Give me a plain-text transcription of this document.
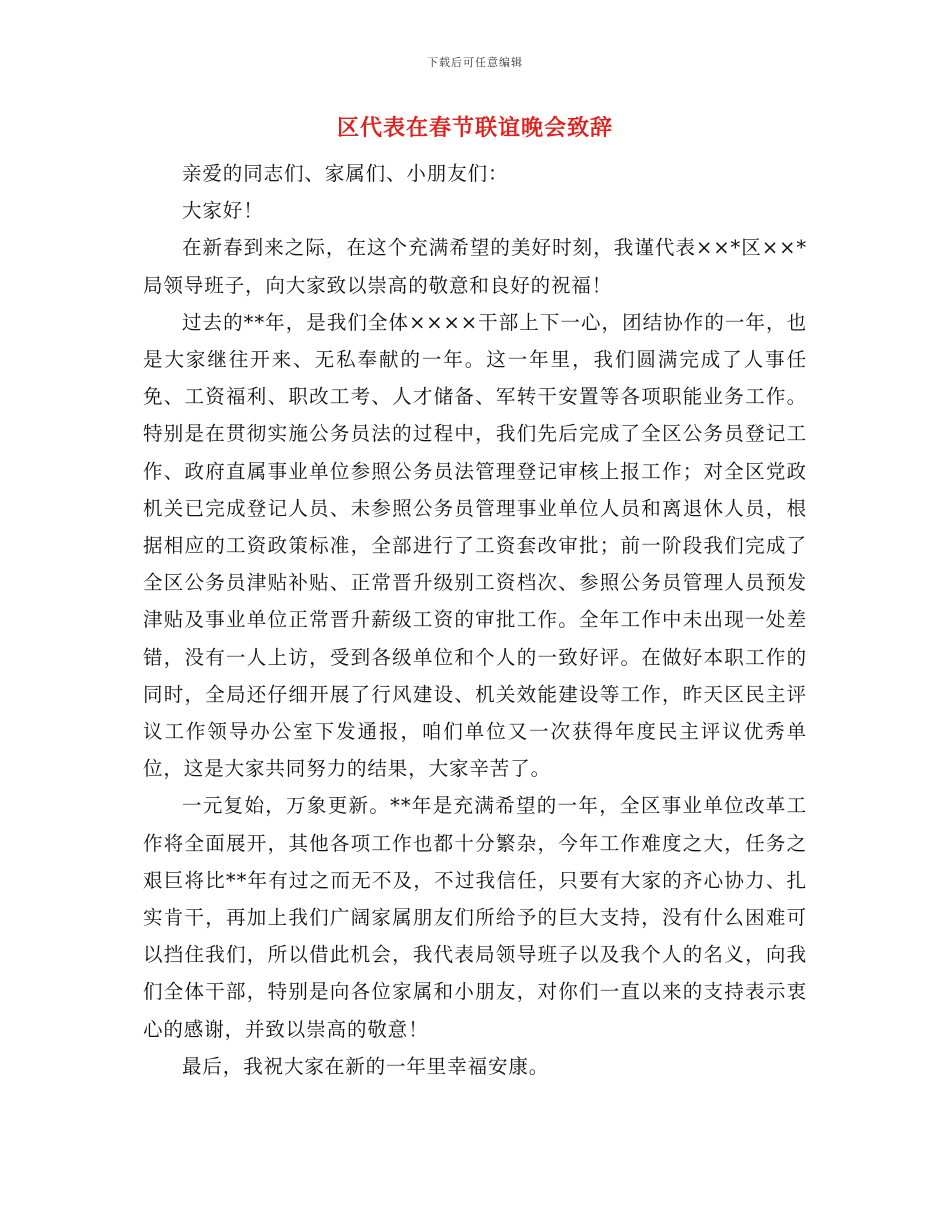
下载后可任意编辑
区代表在春节联谊晚会致辞

亲爱的同志们、家属们、小朋友们：

大家好！

在新春到来之际，在这个充满希望的美好时刻，我谨代表××*区××*局领导班子，向大家致以崇高的敬意和良好的祝福！

过去的**年，是我们全体××××干部上下一心，团结协作的一年，也是大家继往开来、无私奉献的一年。这一年里，我们圆满完成了人事任免、工资福利、职改工考、人才储备、军转干安置等各项职能业务工作。特别是在贯彻实施公务员法的过程中，我们先后完成了全区公务员登记工作、政府直属事业单位参照公务员法管理登记审核上报工作；对全区党政机关已完成登记人员、未参照公务员管理事业单位人员和离退休人员，根据相应的工资政策标准，全部进行了工资套改审批；前一阶段我们完成了全区公务员津贴补贴、正常晋升级别工资档次、参照公务员管理人员预发津贴及事业单位正常晋升薪级工资的审批工作。全年工作中未出现一处差错，没有一人上访，受到各级单位和个人的一致好评。在做好本职工作的同时，全局还仔细开展了行风建设、机关效能建设等工作，昨天区民主评议工作领导办公室下发通报，咱们单位又一次获得年度民主评议优秀单位，这是大家共同努力的结果，大家辛苦了。

一元复始，万象更新。**年是充满希望的一年，全区事业单位改革工作将全面展开，其他各项工作也都十分繁杂，今年工作难度之大，任务之艰巨将比**年有过之而无不及，不过我信任，只要有大家的齐心协力、扎实肯干，再加上我们广阔家属朋友们所给予的巨大支持，没有什么困难可以挡住我们，所以借此机会，我代表局领导班子以及我个人的名义，向我们全体干部，特别是向各位家属和小朋友，对你们一直以来的支持表示衷心的感谢，并致以崇高的敬意！

最后，我祝大家在新的一年里幸福安康。
